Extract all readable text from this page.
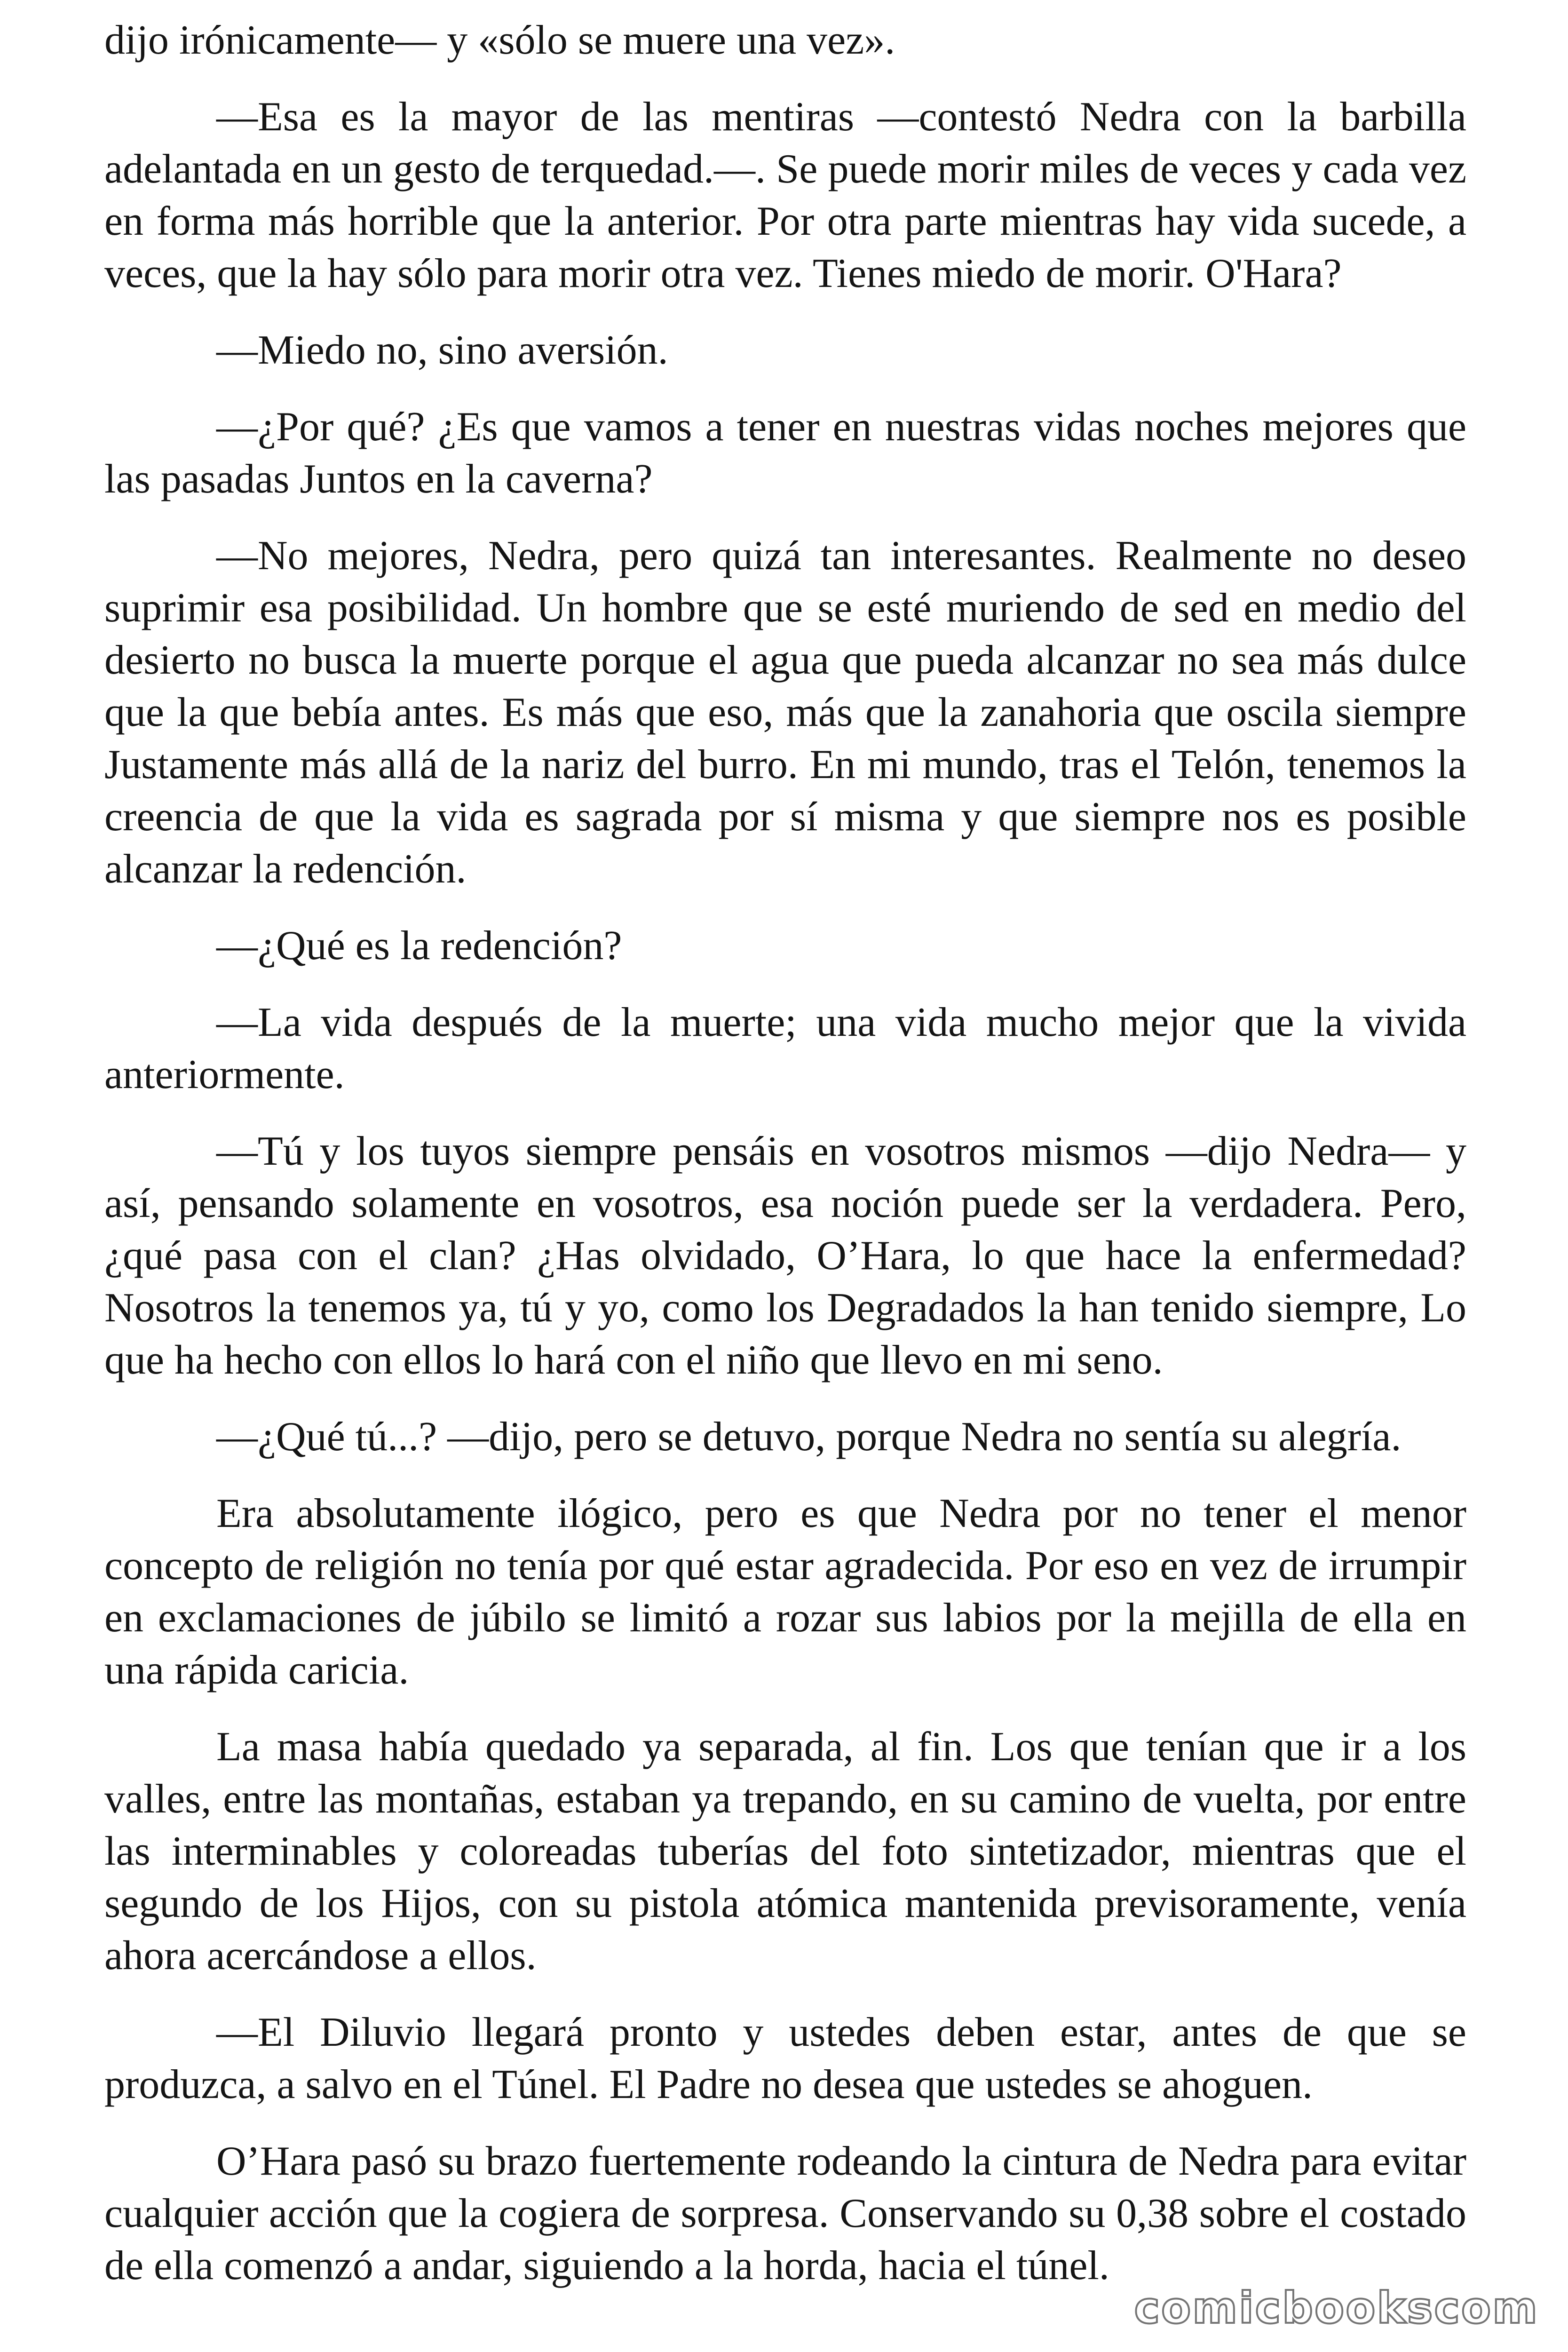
dijo irónicamente— y «sólo se muere una vez».

—Esa es la mayor de las mentiras —contestó Nedra con la barbilla adelantada en un gesto de terquedad.—. Se puede morir miles de veces y cada vez en forma más horrible que la anterior. Por otra parte mientras hay vida sucede, a veces, que la hay sólo para morir otra vez. Tienes miedo de morir. O'Hara?

—Miedo no, sino aversión.

—¿Por qué? ¿Es que vamos a tener en nuestras vidas noches mejores que las pasadas Juntos en la caverna?

—No mejores, Nedra, pero quizá tan interesantes. Realmente no deseo suprimir esa posibilidad. Un hombre que se esté muriendo de sed en medio del desierto no busca la muerte porque el agua que pueda alcanzar no sea más dulce que la que bebía antes. Es más que eso, más que la zanahoria que oscila siempre Justamente más allá de la nariz del burro. En mi mundo, tras el Telón, tenemos la creencia de que la vida es sagrada por sí misma y que siempre nos es posible alcanzar la redención.

—¿Qué es la redención?

—La vida después de la muerte; una vida mucho mejor que la vivida anteriormente.

—Tú y los tuyos siempre pensáis en vosotros mismos —dijo Nedra— y así, pensando solamente en vosotros, esa noción puede ser la verdadera. Pero, ¿qué pasa con el clan? ¿Has olvidado, O’Hara, lo que hace la enfermedad? Nosotros la tenemos ya, tú y yo, como los Degradados la han tenido siempre, Lo que ha hecho con ellos lo hará con el niño que llevo en mi seno.

—¿Qué tú...? —dijo, pero se detuvo, porque Nedra no sentía su alegría.

Era absolutamente ilógico, pero es que Nedra por no tener el menor concepto de religión no tenía por qué estar agradecida. Por eso en vez de irrumpir en exclamaciones de júbilo se limitó a rozar sus labios por la mejilla de ella en una rápida caricia.

La masa había quedado ya separada, al fin. Los que tenían que ir a los valles, entre las montañas, estaban ya trepando, en su camino de vuelta, por entre las interminables y coloreadas tuberías del foto sintetizador, mientras que el segundo de los Hijos, con su pistola atómica mantenida previsoramente, venía ahora acercándose a ellos.

—El Diluvio llegará pronto y ustedes deben estar, antes de que se produzca, a salvo en el Túnel. El Padre no desea que ustedes se ahoguen.

O’Hara pasó su brazo fuertemente rodeando la cintura de Nedra para evitar cualquier acción que la cogiera de sorpresa. Conservando su 0,38 sobre el costado de ella comenzó a andar, siguiendo a la horda, hacia el túnel.

comicbookscom
